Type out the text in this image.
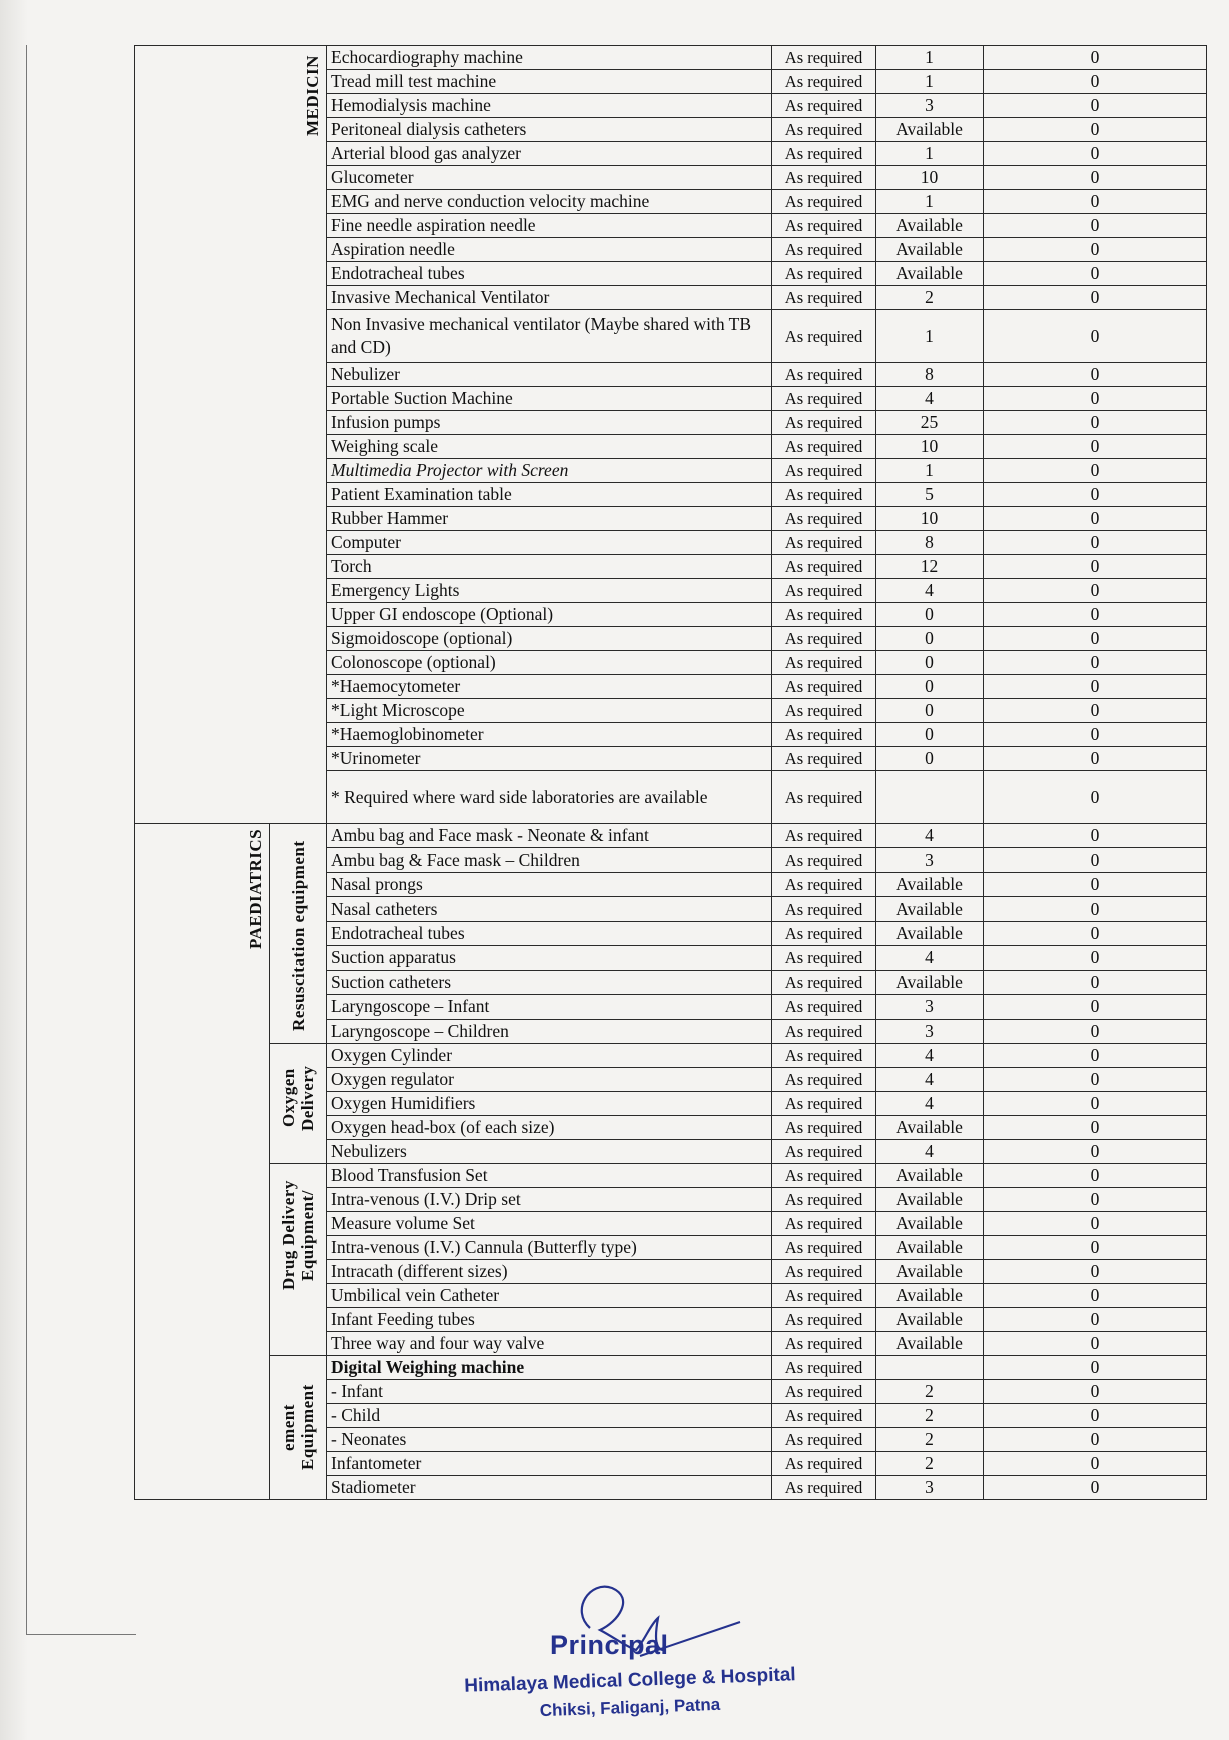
MEDICIN		Echocardiography machine	As required	1	0
		Tread mill test machine	As required	1	0
		Hemodialysis machine	As required	3	0
		Peritoneal dialysis catheters	As required	Available	0
		Arterial blood gas analyzer	As required	1	0
		Glucometer	As required	10	0
		EMG and nerve conduction velocity machine	As required	1	0
		Fine needle aspiration needle	As required	Available	0
		Aspiration needle	As required	Available	0
		Endotracheal tubes	As required	Available	0
		Invasive Mechanical Ventilator	As required	2	0
		Non Invasive mechanical ventilator (Maybe shared with TB and CD)	As required	1	0
		Nebulizer	As required	8	0
		Portable Suction Machine	As required	4	0
		Infusion pumps	As required	25	0
		Weighing scale	As required	10	0
		Multimedia Projector with Screen	As required	1	0
		Patient Examination table	As required	5	0
		Rubber Hammer	As required	10	0
		Computer	As required	8	0
		Torch	As required	12	0
		Emergency Lights	As required	4	0
		Upper GI endoscope (Optional)	As required	0	0
		Sigmoidoscope (optional)	As required	0	0
		Colonoscope (optional)	As required	0	0
		*Haemocytometer	As required	0	0
		*Light Microscope	As required	0	0
		*Haemoglobinometer	As required	0	0
		*Urinometer	As required	0	0
		* Required where ward side laboratories are available	As required		0

PAEDIATRICS	Resuscitation equipment	Ambu bag and Face mask - Neonate & infant	As required	4	0
		Ambu bag & Face mask – Children	As required	3	0
		Nasal prongs	As required	Available	0
		Nasal catheters	As required	Available	0
		Endotracheal tubes	As required	Available	0
		Suction apparatus	As required	4	0
		Suction catheters	As required	Available	0
		Laryngoscope – Infant	As required	3	0
		Laryngoscope – Children	As required	3	0

	Oxygen Delivery	Oxygen Cylinder	As required	4	0
		Oxygen regulator	As required	4	0
		Oxygen Humidifiers	As required	4	0
		Oxygen head-box (of each size)	As required	Available	0
		Nebulizers	As required	4	0

	Drug Delivery Equipment/	Blood Transfusion Set	As required	Available	0
		Intra-venous (I.V.) Drip set	As required	Available	0
		Measure volume Set	As required	Available	0
		Intra-venous (I.V.) Cannula (Butterfly type)	As required	Available	0
		Intracath (different sizes)	As required	Available	0
		Umbilical vein Catheter	As required	Available	0
		Infant Feeding tubes	As required	Available	0
		Three way and four way valve	As required	Available	0

	ement Equipment	Digital Weighing machine	As required		0
		- Infant	As required	2	0
		- Child	As required	2	0
		- Neonates	As required	2	0
		Infantometer	As required	2	0
		Stadiometer	As required	3	0
Principal
Himalaya Medical College & Hospital
Chiksi, Faliganj, Patna
